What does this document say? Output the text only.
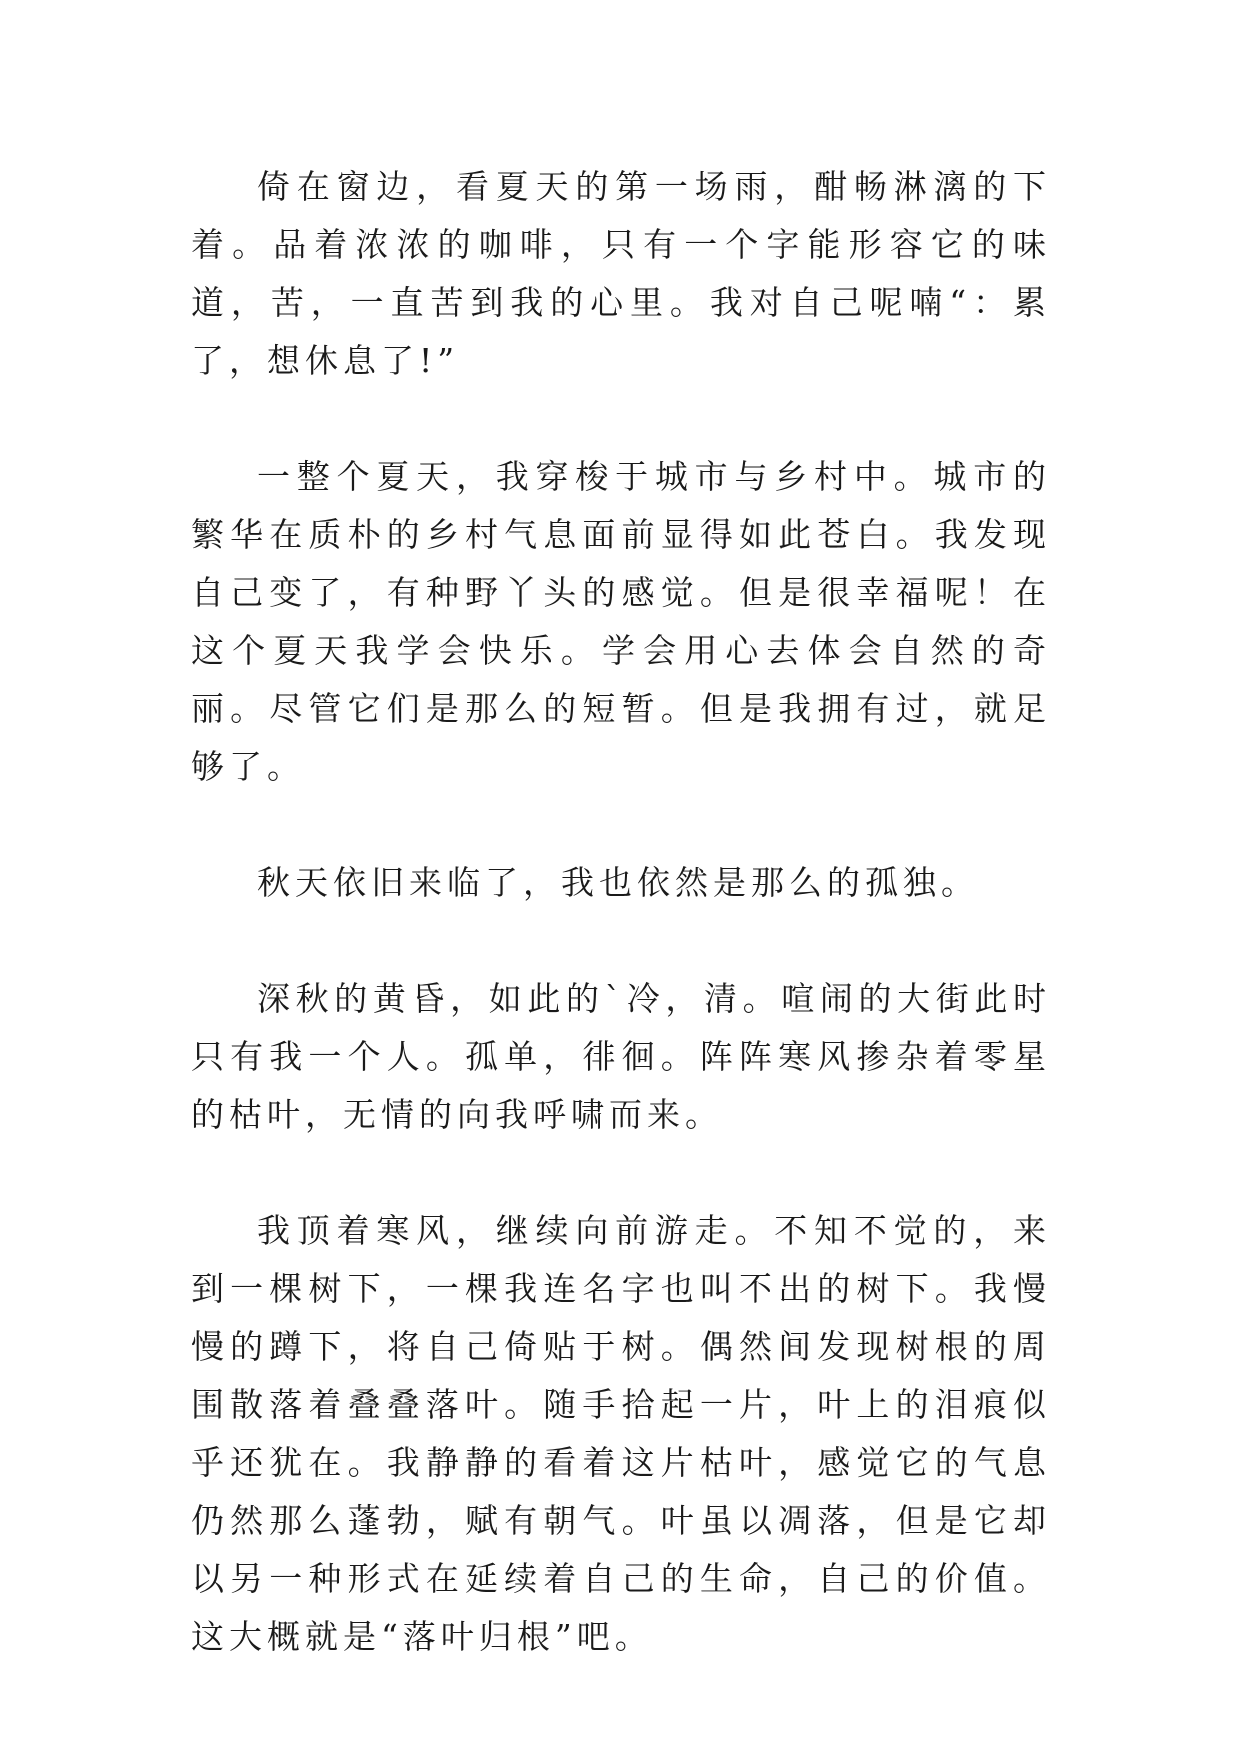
倚在窗边，看夏天的第一场雨，酣畅淋漓的下着。品着浓浓的咖啡，只有一个字能形容它的味道，苦，一直苦到我的心里。我对自己呢喃“：累了，想休息了!”

一整个夏天，我穿梭于城市与乡村中。城市的繁华在质朴的乡村气息面前显得如此苍白。我发现自己变了，有种野丫头的感觉。但是很幸福呢！在这个夏天我学会快乐。学会用心去体会自然的奇丽。尽管它们是那么的短暂。但是我拥有过，就足够了。

秋天依旧来临了，我也依然是那么的孤独。

深秋的黄昏，如此的`冷，清。喧闹的大街此时只有我一个人。孤单，徘徊。阵阵寒风掺杂着零星的枯叶，无情的向我呼啸而来。

我顶着寒风，继续向前游走。不知不觉的，来到一棵树下，一棵我连名字也叫不出的树下。我慢慢的蹲下，将自己倚贴于树。偶然间发现树根的周围散落着叠叠落叶。随手拾起一片，叶上的泪痕似乎还犹在。我静静的看着这片枯叶，感觉它的气息仍然那么蓬勃，赋有朝气。叶虽以凋落，但是它却以另一种形式在延续着自己的生命，自己的价值。这大概就是“落叶归根”吧。
